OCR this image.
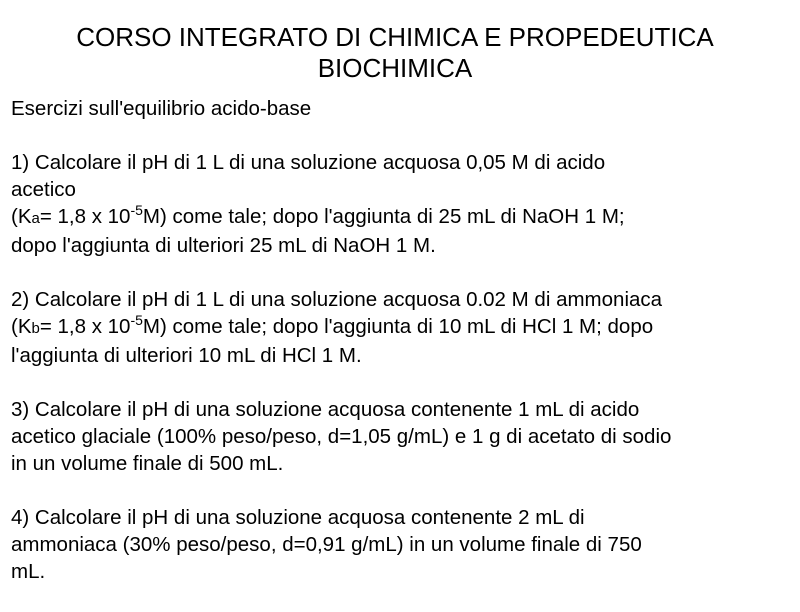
CORSO INTEGRATO DI CHIMICA E PROPEDEUTICA
BIOCHIMICA
Esercizi sull'equilibrio acido-base
1) Calcolare il pH di 1 L di una soluzione acquosa 0,05 M di acido
acetico
(Ka= 1,8 x $10^{-5}M$) come tale; dopo l'aggiunta di 25 mL di NaOH 1 M;
dopo l'aggiunta di ulteriori 25 mL di NaOH 1 M.
2) Calcolare il pH di 1 L di una soluzione acquosa 0.02 M di ammoniaca
(Kb= 1,8 x $10^{-5}M$) come tale; dopo l'aggiunta di 10 mL di HCl 1 M; dopo
l'aggiunta di ulteriori 10 mL di HCl 1 M.
3) Calcolare il pH di una soluzione acquosa contenente 1 mL di acido
acetico glaciale (100% peso/peso, d=1,05 g/mL) e 1 g di acetato di sodio
in un volume finale di 500 mL.
4) Calcolare il pH di una soluzione acquosa contenente 2 mL di
ammoniaca (30% peso/peso, d=0,91 g/mL) in un volume finale di 750
mL.
